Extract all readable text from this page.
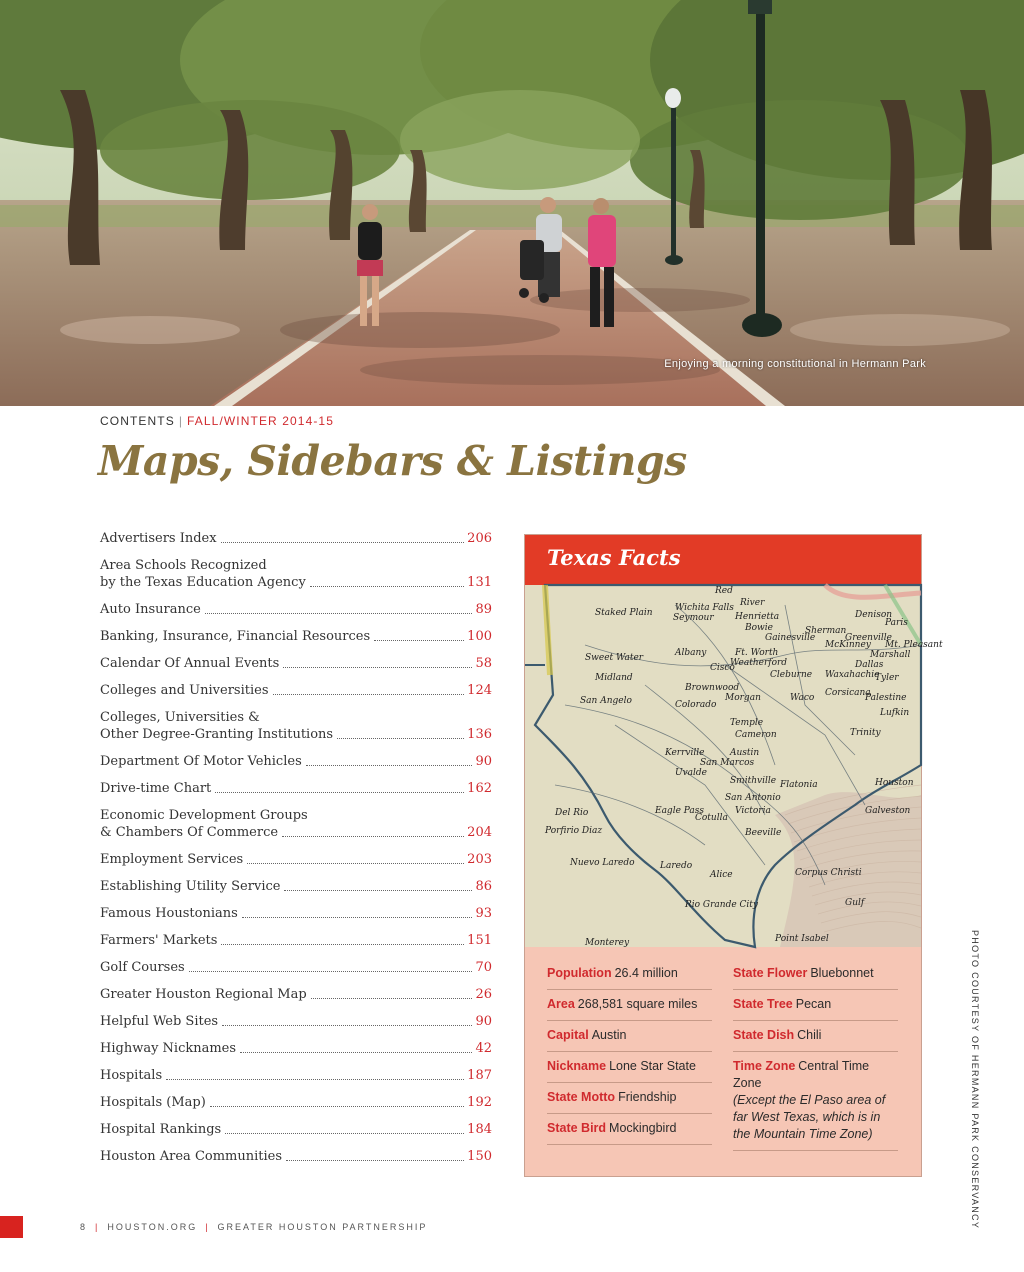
Enjoying a morning constitutional in Hermann Park
CONTENTS | FALL/WINTER 2014-15
Maps, Sidebars & Listings
Advertisers Index	206
Area Schools Recognized
by the Texas Education Agency	131
Auto Insurance	89
Banking, Insurance, Financial Resources	100
Calendar Of Annual Events	58
Colleges and Universities	124
Colleges, Universities &
Other Degree-Granting Institutions	136
Department Of Motor Vehicles	90
Drive-time Chart	162
Economic Development Groups
& Chambers Of Commerce	204
Employment Services	203
Establishing Utility Service	86
Famous Houstonians	93
Farmers' Markets	151
Golf Courses	70
Greater Houston Regional Map	26
Helpful Web Sites	90
Highway Nicknames	42
Hospitals	187
Hospitals (Map)	192
Hospital Rankings	184
Houston Area Communities	150
Texas Facts
Red
River
Wichita Falls
Seymour Henrietta
Bowie
Gainesville
Sherman
Denison
Paris
Greenville
Mt. Pleasant
McKinney
Marshall
Dallas
Ft. Worth
Weatherford
Cleburne Waxahachie
Tyler
Corsicana
Palestine
Sweet Water	Albany
Cisco
Midland
Brownwood
Morgan	Waco
Lufkin
Trinity
San Angelo	Colorado
Temple
Cameron
Kerrville	Austin
San Marcos
Uvalde
Smithville Flatonia
San Antonio
Victoria	Galveston
Eagle Pass
Cotulla
Beeville
Laredo
Corpus Christi
Alice
Rio Grande City
Point Isabel
Houston
Del Rio
Porfirio Diaz
Nuevo Laredo
Monterey
Gulf
Staked Plain
Population 26.4 million
Area 268,581 square miles
Capital Austin
Nickname Lone Star State
State Motto Friendship
State Bird Mockingbird
State Flower Bluebonnet
State Tree Pecan
State Dish Chili
Time Zone Central Time Zone
(Except the El Paso area of far West Texas, which is in the Mountain Time Zone)	PHOTO COURTESY OF HERMANN PARK CONSERVANCY
8 | HOUSTON.ORG | GREATER HOUSTON PARTNERSHIP
